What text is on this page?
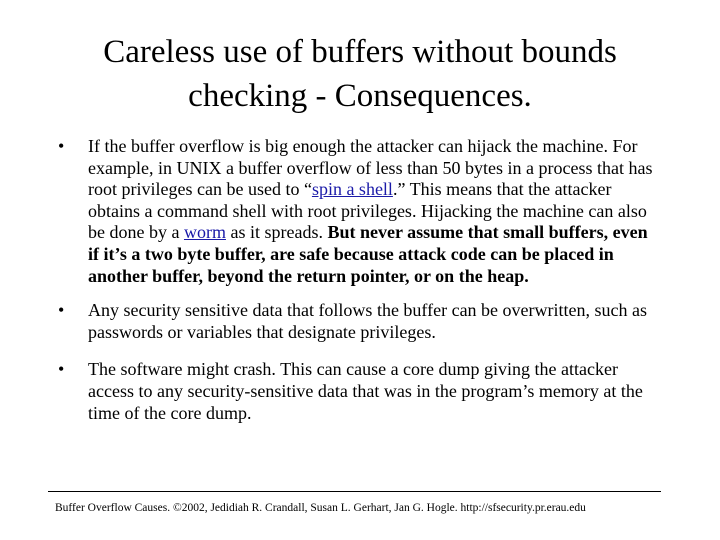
Careless use of buffers without bounds
checking - Consequences.
•	If the buffer overflow is big enough the attacker can hijack the machine. For example, in UNIX a buffer overflow of less than 50 bytes in a process that has root privileges can be used to “spin a shell.” This means that the attacker obtains a command shell with root privileges. Hijacking the machine can also be done by a worm as it spreads. But never assume that small buffers, even if it’s a two byte buffer, are safe because attack code can be placed in another buffer, beyond the return pointer, or on the heap.
•	Any security sensitive data that follows the buffer can be overwritten, such as passwords or variables that designate privileges.
•	The software might crash. This can cause a core dump giving the attacker access to any security-sensitive data that was in the program’s memory at the time of the core dump.
Buffer Overflow Causes. ©2002, Jedidiah R. Crandall, Susan L. Gerhart, Jan G. Hogle. http://sfsecurity.pr.erau.edu
